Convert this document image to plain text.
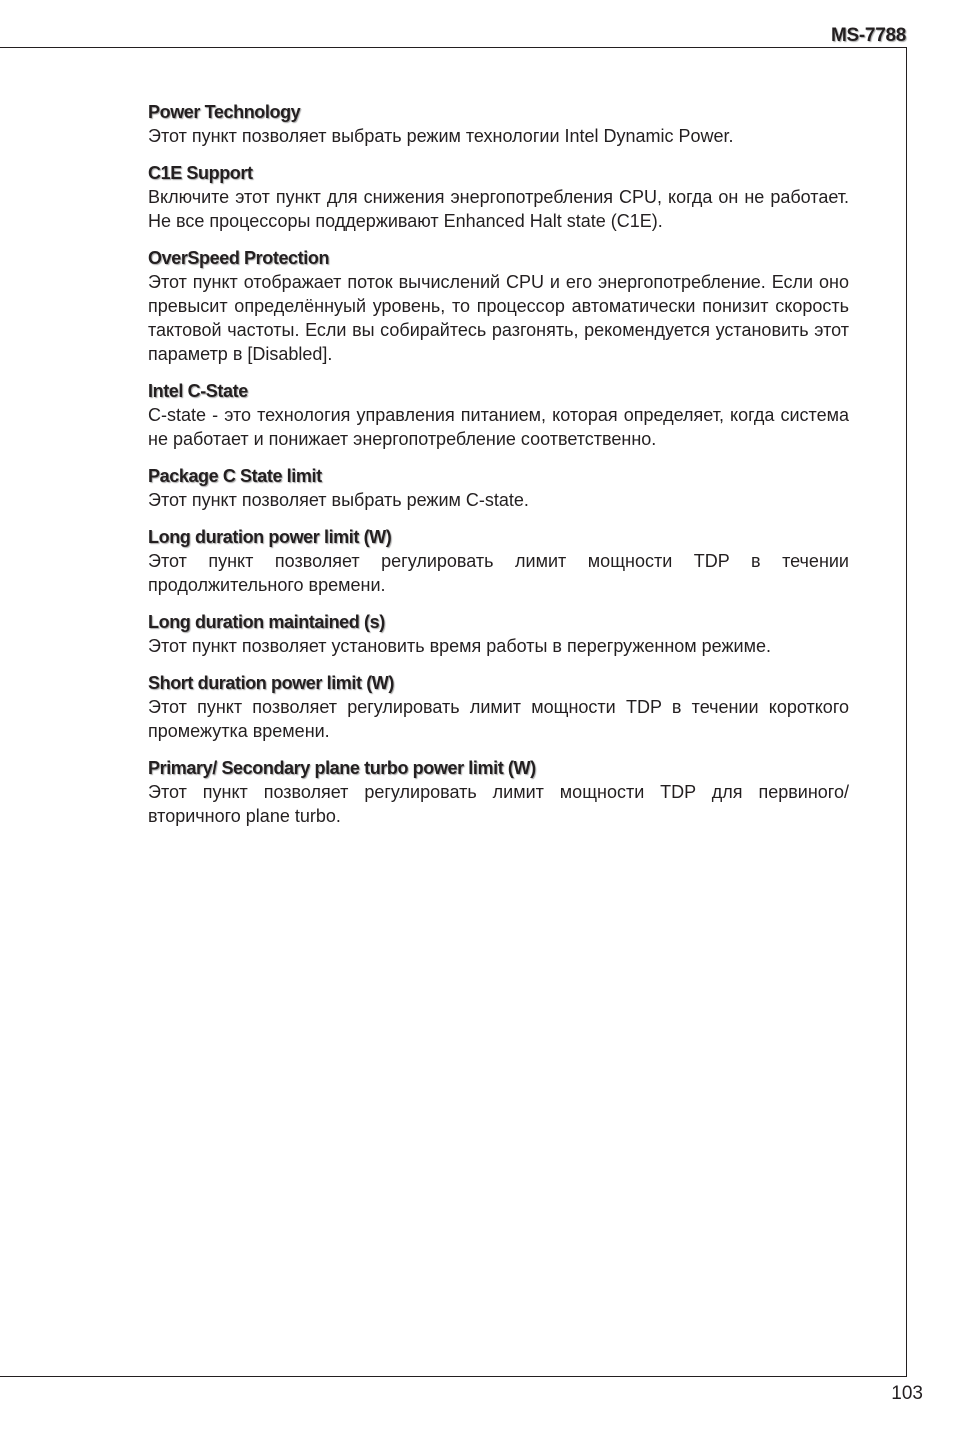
MS-7788
Power Technology
Этот пункт позволяет выбрать режим технологии Intel Dynamic Power.
C1E Support
Включите этот пункт для снижения энергопотребления CPU, когда он не работает. Не все процессоры поддерживают Enhanced Halt state (C1E).
OverSpeed Protection
Этот пункт отображает поток вычислений CPU и его энергопотребление. Если оно превысит определённуый уровень, то процессор автоматически понизит скорость тактовой частоты. Если вы собирайтесь разгонять, рекомендуется установить этот параметр в [Disabled].
Intel C-State
C-state - это технология управления питанием, которая определяет, когда система не работает и понижает энергопотребление соответственно.
Package C State limit
Этот пункт позволяет выбрать режим C-state.
Long duration power limit (W)
Этот пункт позволяет регулировать лимит мощности TDP в течении продолжительного времени.
Long duration maintained (s)
Этот пункт позволяет установить время работы в перегруженном режиме.
Short duration power limit (W)
Этот пункт позволяет регулировать лимит мощности TDP в течении короткого промежутка времени.
Primary/ Secondary plane turbo power limit (W)
Этот пункт позволяет регулировать лимит мощности TDP для первиного/ вторичного plane turbo.
103
